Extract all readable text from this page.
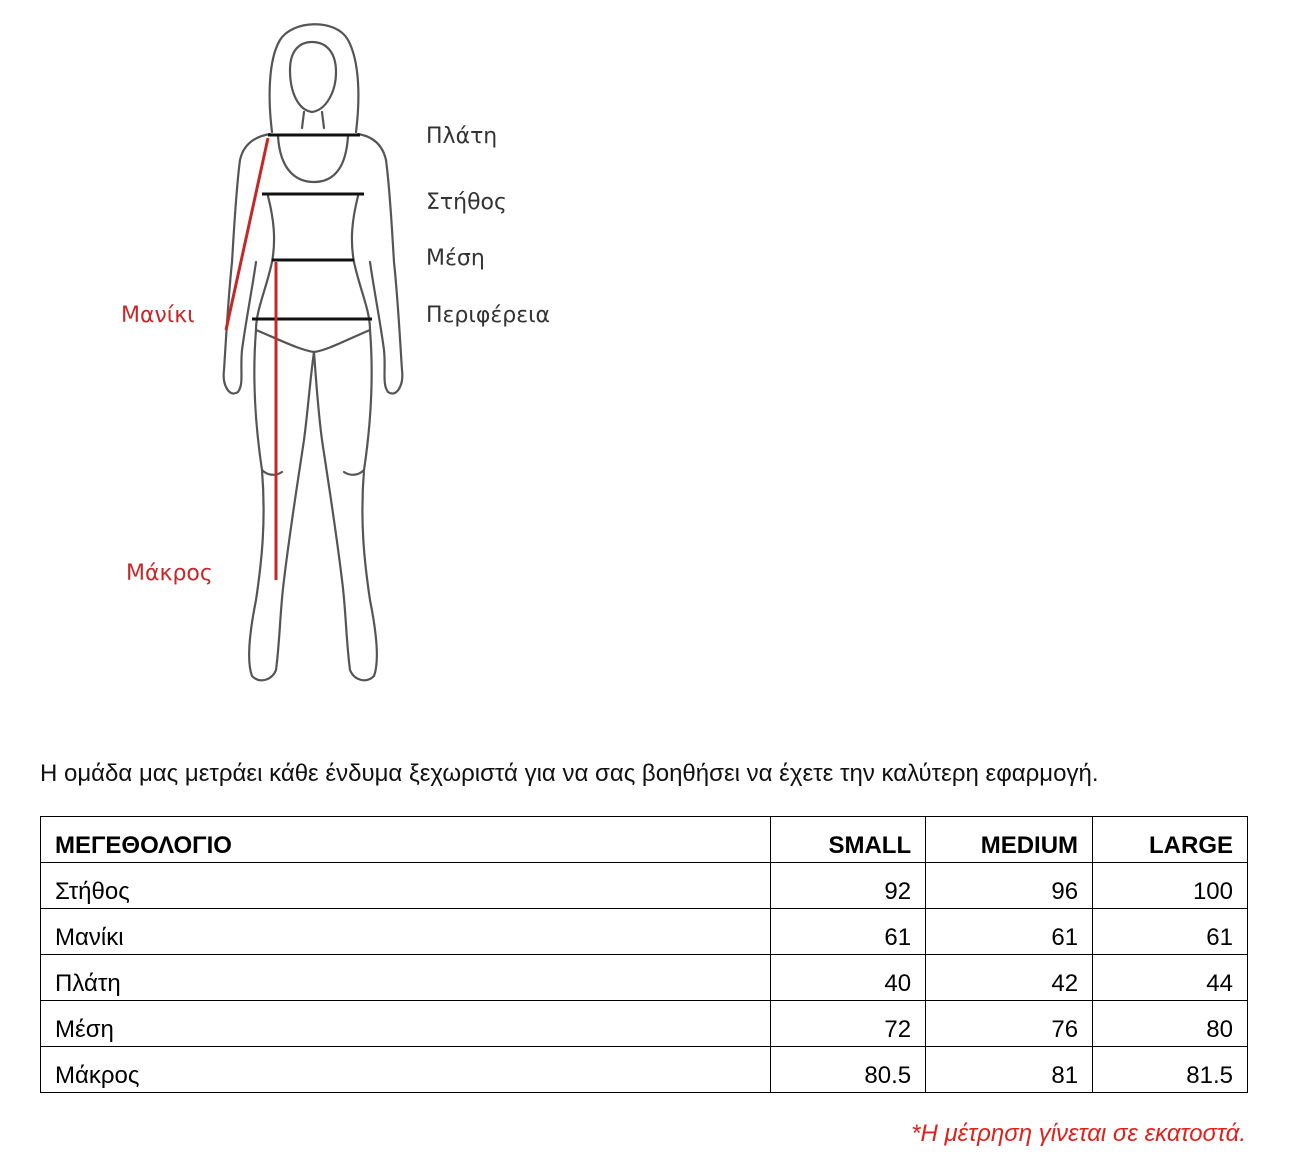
Πλάτη
Στήθος
Μέση
Περιφέρεια
Μανίκι
Μάκρος
Η ομάδα μας μετράει κάθε ένδυμα ξεχωριστά για να σας βοηθήσει να έχετε την καλύτερη εφαρμογή.
ΜΕΓΕΘΟΛΟΓΙΟ	SMALL	MEDIUM	LARGE
Στήθος	92	96	100
Μανίκι	61	61	61
Πλάτη	40	42	44
Μέση	72	76	80
Μάκρος	80.5	81	81.5
*Η μέτρηση γίνεται σε εκατοστά.
